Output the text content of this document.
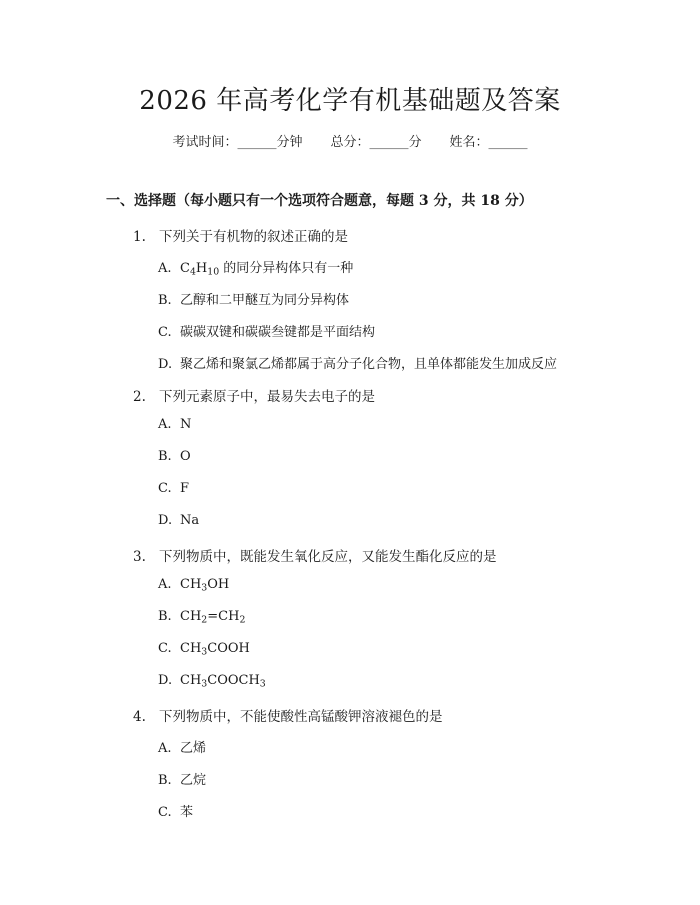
2026 年高考化学有机基础题及答案
考试时间：______分钟 总分：______分 姓名：______
一、选择题（每小题只有一个选项符合题意，每题 3 分，共 18 分）
1. 下列关于有机物的叙述正确的是
A. $C_4H_{10}$ 的同分异构体只有一种
B. 乙醇和二甲醚互为同分异构体
C. 碳碳双键和碳碳叁键都是平面结构
D. 聚乙烯和聚氯乙烯都属于高分子化合物，且单体都能发生加成反应
2. 下列元素原子中，最易失去电子的是
A. N
B. O
C. F
D. Na
3. 下列物质中，既能发生氧化反应，又能发生酯化反应的是
A. $CH_3OH$
B. $CH_2=CH_2$
C. $CH_3COOH$
D. $CH_3COOCH_3$
4. 下列物质中，不能使酸性高锰酸钾溶液褪色的是
A. 乙烯
B. 乙烷
C. 苯
